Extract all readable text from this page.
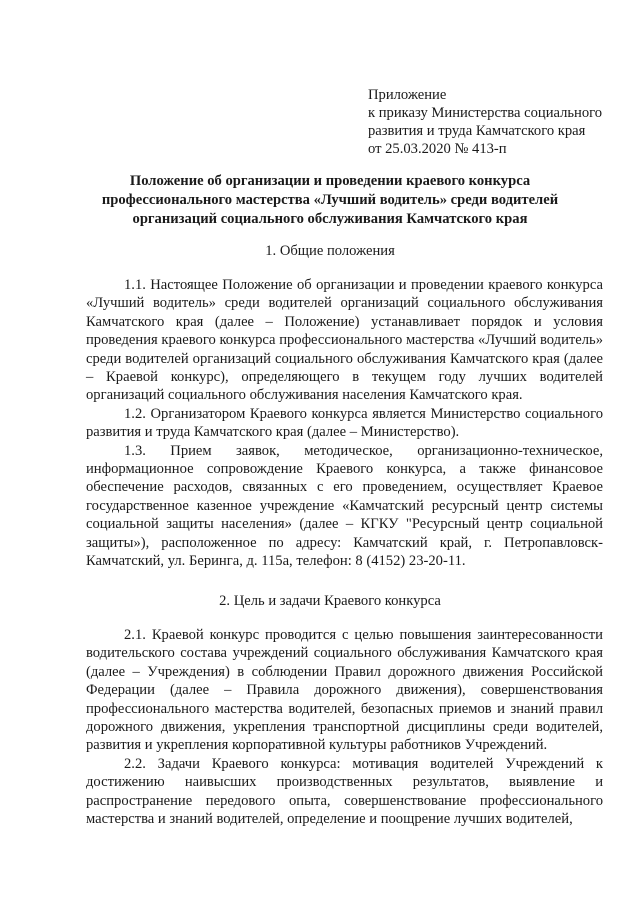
Приложение
к приказу Министерства социального
развития и труда Камчатского края
от 25.03.2020 № 413-п
Положение об организации и проведении краевого конкурса
профессионального мастерства «Лучший водитель» среди водителей
организаций социального обслуживания Камчатского края
1. Общие положения

1.1. Настоящее Положение об организации и проведении краевого конкурса «Лучший водитель» среди водителей организаций социального обслуживания Камчатского края (далее – Положение) устанавливает порядок и условия проведения краевого конкурса профессионального мастерства «Лучший водитель» среди водителей организаций социального обслуживания Камчатского края (далее – Краевой конкурс), определяющего в текущем году лучших водителей организаций социального обслуживания населения Камчатского края.

1.2. Организатором Краевого конкурса является Министерство социального развития и труда Камчатского края (далее – Министерство).

1.3. Прием заявок, методическое, организационно-техническое, информационное сопровождение Краевого конкурса, а также финансовое обеспечение расходов, связанных с его проведением, осуществляет Краевое государственное казенное учреждение «Камчатский ресурсный центр системы социальной защиты населения» (далее – КГКУ "Ресурсный центр социальной защиты»), расположенное по адресу: Камчатский край, г. Петропавловск-Камчатский, ул. Беринга, д. 115а, телефон: 8 (4152) 23-20-11.

2. Цель и задачи Краевого конкурса

2.1. Краевой конкурс проводится с целью повышения заинтересованности водительского состава учреждений социального обслуживания Камчатского края (далее – Учреждения) в соблюдении Правил дорожного движения Российской Федерации (далее – Правила дорожного движения), совершенствования профессионального мастерства водителей, безопасных приемов и знаний правил дорожного движения, укрепления транспортной дисциплины среди водителей, развития и укрепления корпоративной культуры работников Учреждений.

2.2. Задачи Краевого конкурса: мотивация водителей Учреждений к достижению наивысших производственных результатов, выявление и распространение передового опыта, совершенствование профессионального мастерства и знаний водителей, определение и поощрение лучших водителей,
